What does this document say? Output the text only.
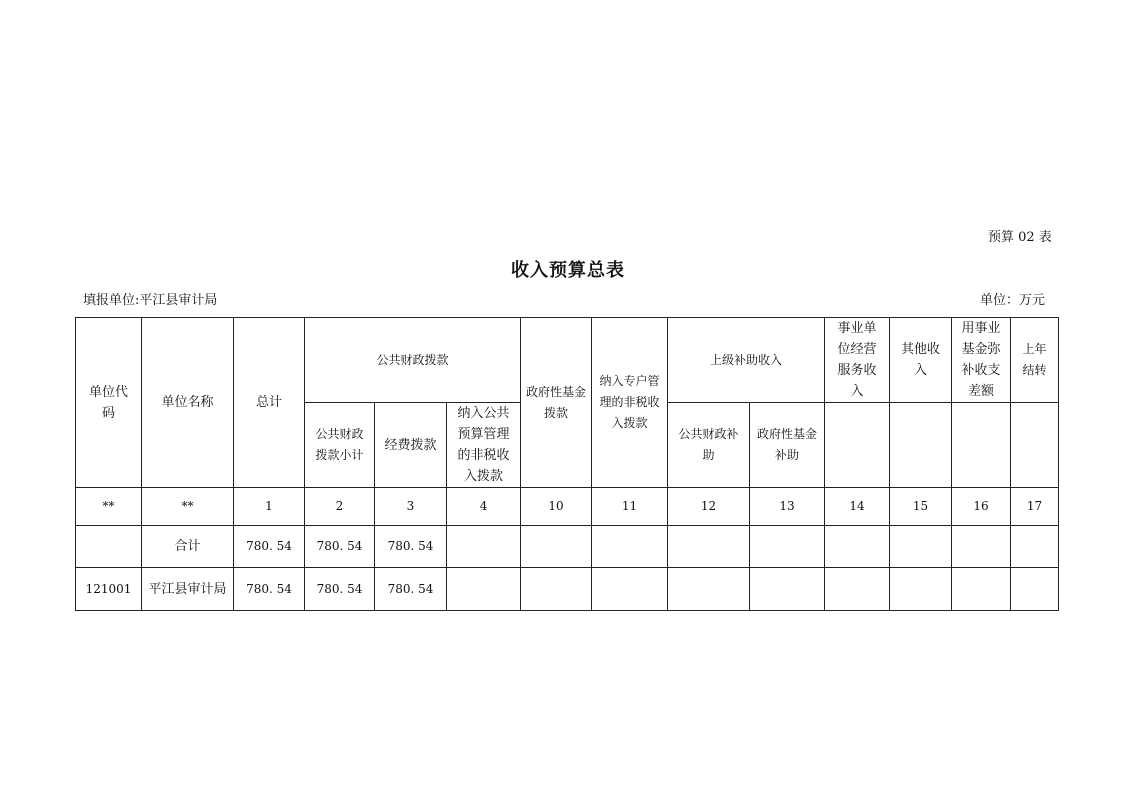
预算 02 表
收入预算总表
填报单位:平江县审计局	单位：万元
单位代码	单位名称	总计	公共财政拨款			政府性基金拨款	纳入专户管理的非税收入拨款	上级补助收入		事业单位经营服务收入	其他收入	用事业基金弥补收支差额	上年结转
			公共财政拨款小计	经费拨款	纳入公共预算管理的非税收入拨款			公共财政补助	政府性基金补助				
**	**	1	2	3	4	10	11	12	13	14	15	16	17
	合计	780. 54	780. 54	780. 54									
121001	平江县审计局	780. 54	780. 54	780. 54									
